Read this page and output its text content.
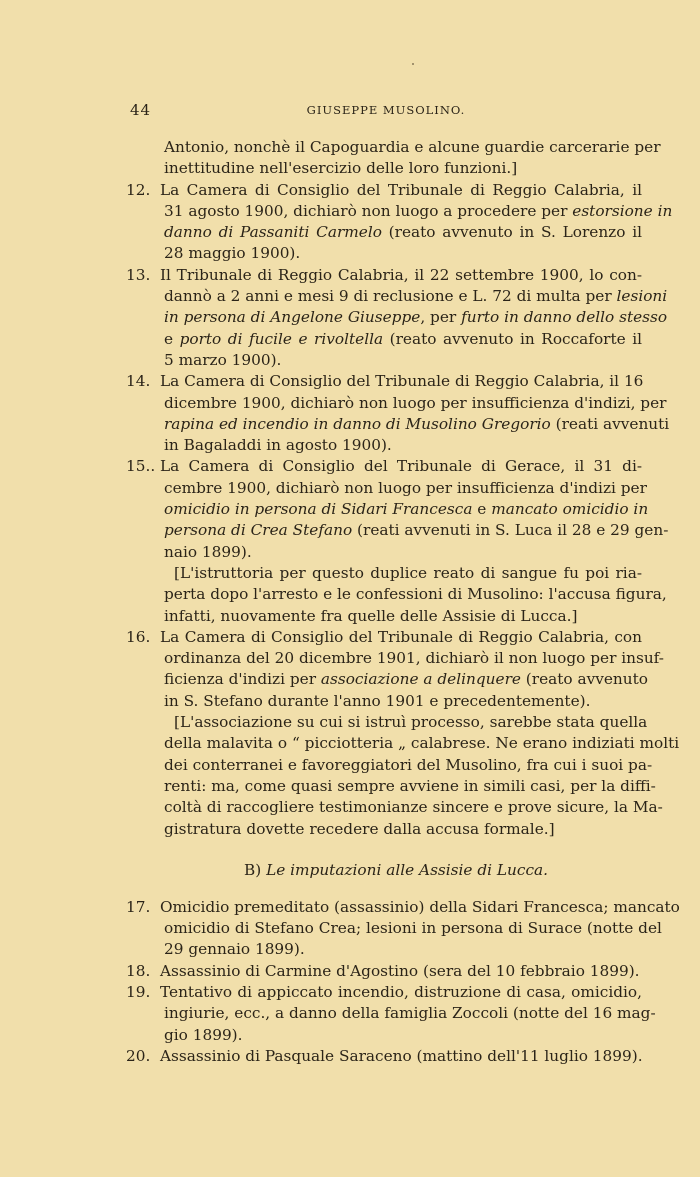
44	GIUSEPPE MUSOLINO.
Antonio, nonchè il Capoguardia e alcune guardie carcerarie per
inettitudine nell'esercizio delle loro funzioni.]
12. La Camera di Consiglio del Tribunale di Reggio Calabria, il
31 agosto 1900, dichiarò non luogo a procedere per estorsione in
danno di Passaniti Carmelo (reato avvenuto in S. Lorenzo il
28 maggio 1900).
13. Il Tribunale di Reggio Calabria, il 22 settembre 1900, lo con-
dannò a 2 anni e mesi 9 di reclusione e L. 72 di multa per lesioni
in persona di Angelone Giuseppe, per furto in danno dello stesso
e porto di fucile e rivoltella (reato avvenuto in Roccaforte il
5 marzo 1900).
14. La Camera di Consiglio del Tribunale di Reggio Calabria, il 16
dicembre 1900, dichiarò non luogo per insufficienza d'indizi, per
rapina ed incendio in danno di Musolino Gregorio (reati avvenuti
in Bagaladdi in agosto 1900).
15.. La Camera di Consiglio del Tribunale di Gerace, il 31 di-
cembre 1900, dichiarò non luogo per insufficienza d'indizi per
omicidio in persona di Sidari Francesca e mancato omicidio in
persona di Crea Stefano (reati avvenuti in S. Luca il 28 e 29 gen-
naio 1899).
[L'istruttoria per questo duplice reato di sangue fu poi ria-
perta dopo l'arresto e le confessioni di Musolino: l'accusa figura,
infatti, nuovamente fra quelle delle Assisie di Lucca.]
16. La Camera di Consiglio del Tribunale di Reggio Calabria, con
ordinanza del 20 dicembre 1901, dichiarò il non luogo per insuf-
ficienza d'indizi per associazione a delinquere (reato avvenuto
in S. Stefano durante l'anno 1901 e precedentemente).
[L'associazione su cui si istruì processo, sarebbe stata quella
della malavita o “ picciotteria „ calabrese. Ne erano indiziati molti
dei conterranei e favoreggiatori del Musolino, fra cui i suoi pa-
renti: ma, come quasi sempre avviene in simili casi, per la diffi-
coltà di raccogliere testimonianze sincere e prove sicure, la Ma-
gistratura dovette recedere dalla accusa formale.]
B) Le imputazioni alle Assisie di Lucca.
17. Omicidio premeditato (assassinio) della Sidari Francesca; mancato
omicidio di Stefano Crea; lesioni in persona di Surace (notte del
29 gennaio 1899).
18. Assassinio di Carmine d'Agostino (sera del 10 febbraio 1899).
19. Tentativo di appiccato incendio, distruzione di casa, omicidio,
ingiurie, ecc., a danno della famiglia Zoccoli (notte del 16 mag-
gio 1899).
20. Assassinio di Pasquale Saraceno (mattino dell'11 luglio 1899).
